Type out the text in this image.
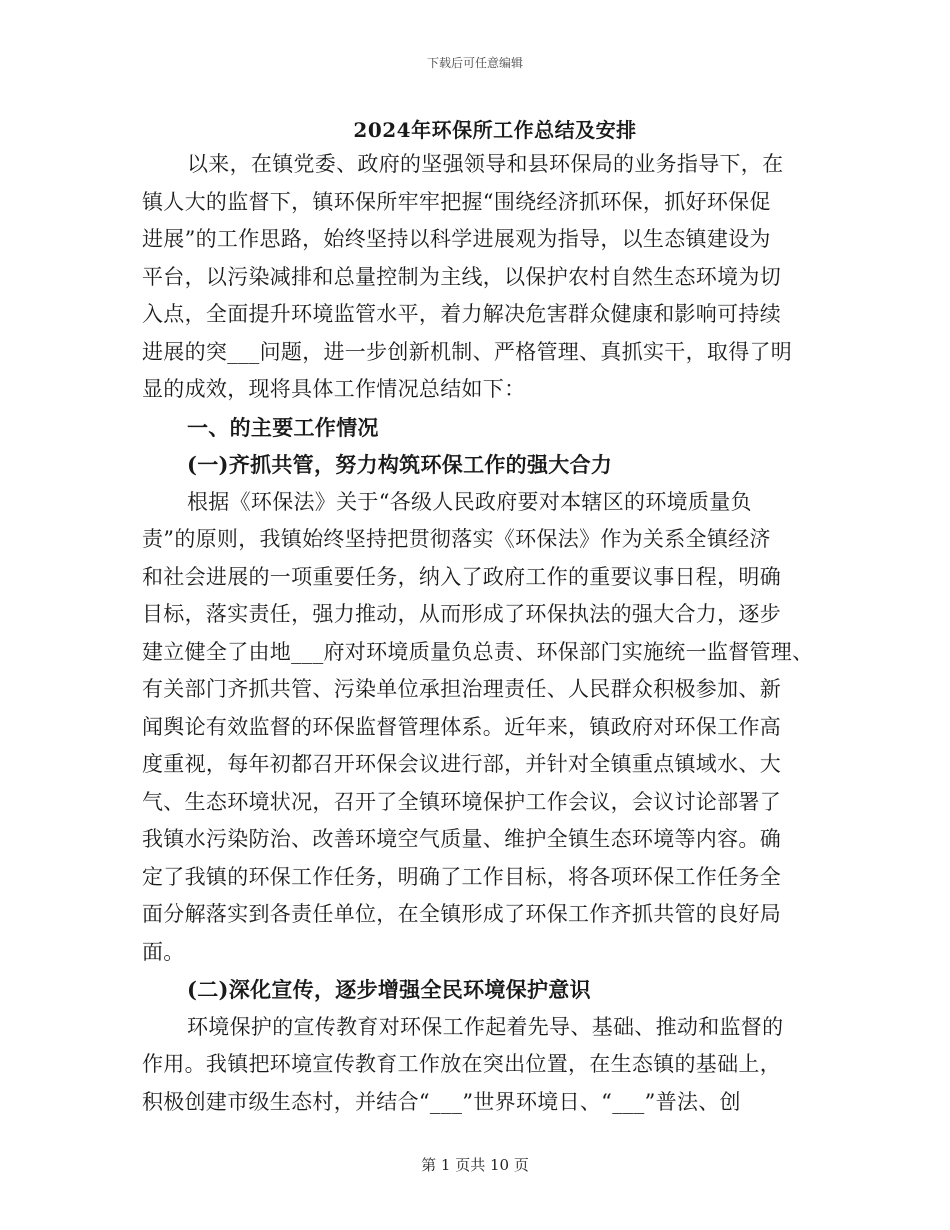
下载后可任意编辑
2024年环保所工作总结及安排
以来，在镇党委、政府的坚强领导和县环保局的业务指导下，在
镇人大的监督下，镇环保所牢牢把握“围绕经济抓环保，抓好环保促
进展”的工作思路，始终坚持以科学进展观为指导，以生态镇建设为
平台，以污染减排和总量控制为主线，以保护农村自然生态环境为切
入点，全面提升环境监管水平，着力解决危害群众健康和影响可持续
进展的突___问题，进一步创新机制、严格管理、真抓实干，取得了明
显的成效，现将具体工作情况总结如下：
一、的主要工作情况
(一)齐抓共管，努力构筑环保工作的强大合力
根据《环保法》关于“各级人民政府要对本辖区的环境质量负
责”的原则，我镇始终坚持把贯彻落实《环保法》作为关系全镇经济
和社会进展的一项重要任务，纳入了政府工作的重要议事日程，明确
目标，落实责任，强力推动，从而形成了环保执法的强大合力，逐步
建立健全了由地___府对环境质量负总责、环保部门实施统一监督管理、
有关部门齐抓共管、污染单位承担治理责任、人民群众积极参加、新
闻舆论有效监督的环保监督管理体系。近年来，镇政府对环保工作高
度重视，每年初都召开环保会议进行部，并针对全镇重点镇域水、大
气、生态环境状况，召开了全镇环境保护工作会议，会议讨论部署了
我镇水污染防治、改善环境空气质量、维护全镇生态环境等内容。确
定了我镇的环保工作任务，明确了工作目标，将各项环保工作任务全
面分解落实到各责任单位，在全镇形成了环保工作齐抓共管的良好局
面。
(二)深化宣传，逐步增强全民环境保护意识
环境保护的宣传教育对环保工作起着先导、基础、推动和监督的
作用。我镇把环境宣传教育工作放在突出位置，在生态镇的基础上，
积极创建市级生态村，并结合“___”世界环境日、“___”普法、创
第 1 页共 10 页
